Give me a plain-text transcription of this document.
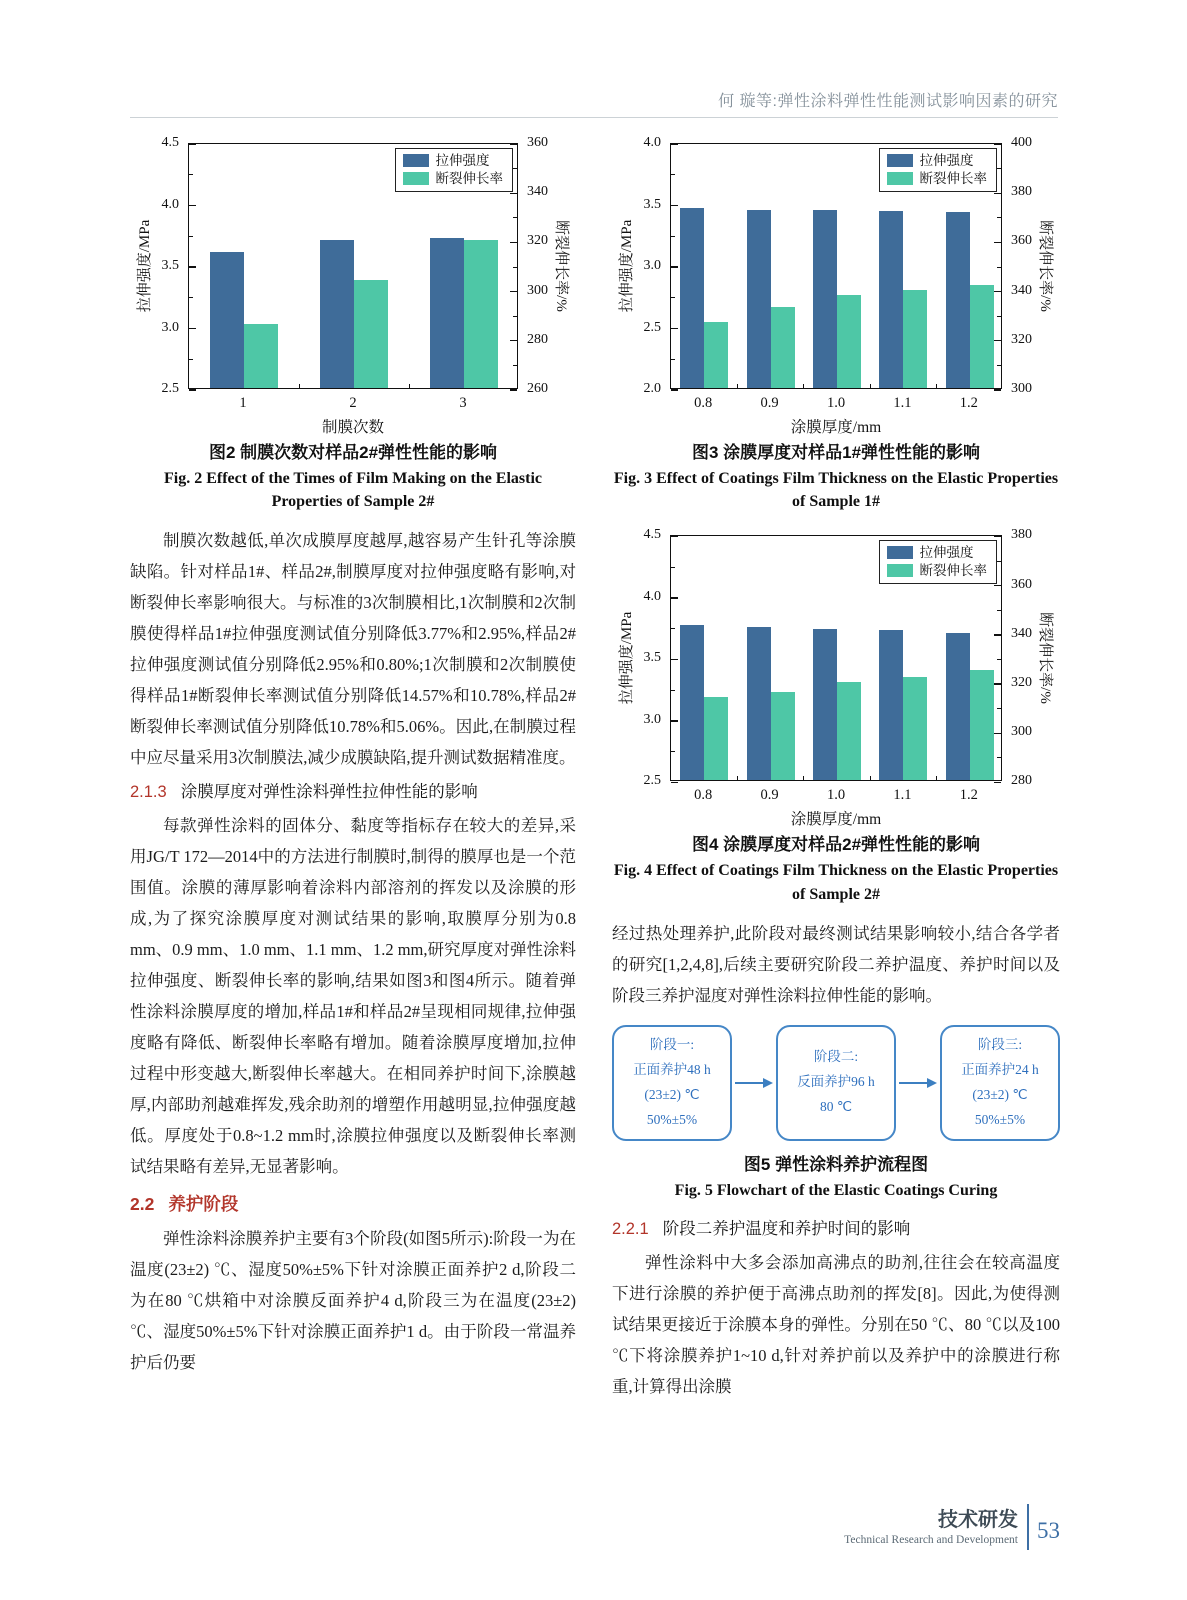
何 璇等:弹性涂料弹性性能测试影响因素的研究
拉伸强度
断裂伸长率
2.5
3.0
3.5
4.0
4.5
260
280
300
320
340
360
1	2	3
制膜次数
拉伸强度/MPa	断裂伸长率/%
图2 制膜次数对样品2#弹性性能的影响
Fig. 2 Effect of the Times of Film Making on the Elastic Properties of Sample 2#

制膜次数越低,单次成膜厚度越厚,越容易产生针孔等涂膜缺陷。针对样品1#、样品2#,制膜厚度对拉伸强度略有影响,对断裂伸长率影响很大。与标准的3次制膜相比,1次制膜和2次制膜使得样品1#拉伸强度测试值分别降低3.77%和2.95%,样品2#拉伸强度测试值分别降低2.95%和0.80%;1次制膜和2次制膜使得样品1#断裂伸长率测试值分别降低14.57%和10.78%,样品2#断裂伸长率测试值分别降低10.78%和5.06%。因此,在制膜过程中应尽量采用3次制膜法,减少成膜缺陷,提升测试数据精准度。

2.1.3 涂膜厚度对弹性涂料弹性拉伸性能的影响

每款弹性涂料的固体分、黏度等指标存在较大的差异,采用JG/T 172—2014中的方法进行制膜时,制得的膜厚也是一个范围值。涂膜的薄厚影响着涂料内部溶剂的挥发以及涂膜的形成,为了探究涂膜厚度对测试结果的影响,取膜厚分别为0.8 mm、0.9 mm、1.0 mm、1.1 mm、1.2 mm,研究厚度对弹性涂料拉伸强度、断裂伸长率的影响,结果如图3和图4所示。随着弹性涂料涂膜厚度的增加,样品1#和样品2#呈现相同规律,拉伸强度略有降低、断裂伸长率略有增加。随着涂膜厚度增加,拉伸过程中形变越大,断裂伸长率越大。在相同养护时间下,涂膜越厚,内部助剂越难挥发,残余助剂的增塑作用越明显,拉伸强度越低。厚度处于0.8~1.2 mm时,涂膜拉伸强度以及断裂伸长率测试结果略有差异,无显著影响。

2.2 养护阶段

弹性涂料涂膜养护主要有3个阶段(如图5所示):阶段一为在温度(23±2) ℃、湿度50%±5%下针对涂膜正面养护2 d,阶段二为在80 ℃烘箱中对涂膜反面养护4 d,阶段三为在温度(23±2) ℃、湿度50%±5%下针对涂膜正面养护1 d。由于阶段一常温养护后仍要

拉伸强度
断裂伸长率
2.0
2.5
3.0
3.5
4.0
300
320
340
360
380
400
0.8	0.9	1.0	1.1	1.2
涂膜厚度/mm
拉伸强度/MPa	断裂伸长率/%
图3 涂膜厚度对样品1#弹性性能的影响
Fig. 3 Effect of Coatings Film Thickness on the Elastic Properties of Sample 1#
拉伸强度
断裂伸长率
2.5
3.0
3.5
4.0
4.5
280
300
320
340
360
380
0.8	0.9	1.0	1.1	1.2
涂膜厚度/mm
拉伸强度/MPa	断裂伸长率/%
图4 涂膜厚度对样品2#弹性性能的影响
Fig. 4 Effect of Coatings Film Thickness on the Elastic Properties of Sample 2#

经过热处理养护,此阶段对最终测试结果影响较小,结合各学者的研究[1,2,4,8],后续主要研究阶段二养护温度、养护时间以及阶段三养护湿度对弹性涂料拉伸性能的影响。

阶段一:
正面养护48 h
(23±2) ℃
50%±5%
阶段二:
反面养护96 h
80 ℃
阶段三:
正面养护24 h
(23±2) ℃
50%±5%
图5 弹性涂料养护流程图
Fig. 5 Flowchart of the Elastic Coatings Curing
2.2.1 阶段二养护温度和养护时间的影响

弹性涂料中大多会添加高沸点的助剂,往往会在较高温度下进行涂膜的养护便于高沸点助剂的挥发[8]。因此,为使得测试结果更接近于涂膜本身的弹性。分别在50 ℃、80 ℃以及100 ℃下将涂膜养护1~10 d,针对养护前以及养护中的涂膜进行称重,计算得出涂膜

技术研发
Technical Research and Development 53
